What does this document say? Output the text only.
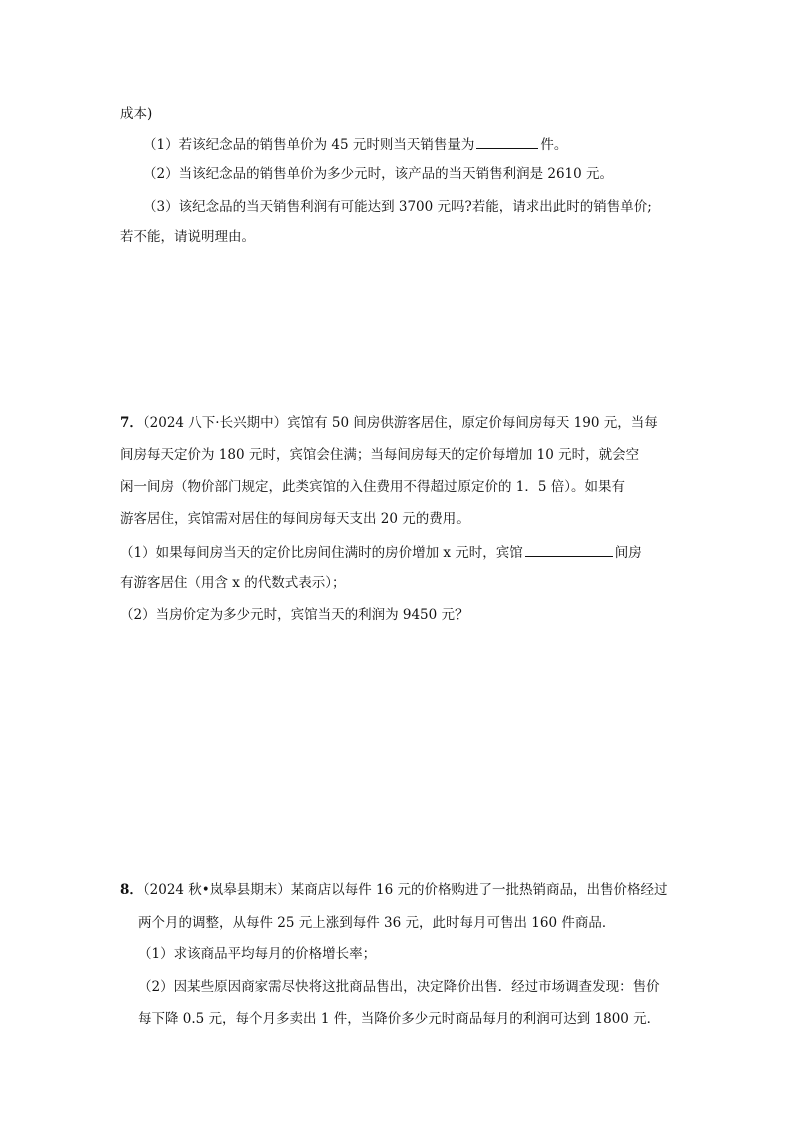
成本)
（1）若该纪念品的销售单价为 45 元时则当天销售量为	件。
（2）当该纪念品的销售单价为多少元时，该产品的当天销售利润是 2610 元。
（3）该纪念品的当天销售利润有可能达到 3700 元吗?若能，请求出此时的销售单价;
若不能，请说明理由。
7．（2024 八下·长兴期中）宾馆有 50 间房供游客居住，原定价每间房每天 190 元，当每
间房每天定价为 180 元时，宾馆会住满；当每间房每天的定价每增加 10 元时，就会空
闲一间房（物价部门规定，此类宾馆的入住费用不得超过原定价的 1．5 倍）。如果有
游客居住，宾馆需对居住的每间房每天支出 20 元的费用。
（1）如果每间房当天的定价比房间住满时的房价增加 x 元时，宾馆	间房
有游客居住（用含 x 的代数式表示）；
（2）当房价定为多少元时，宾馆当天的利润为 9450 元？
8．（2024 秋•岚皋县期末）某商店以每件 16 元的价格购进了一批热销商品，出售价格经过
两个月的调整，从每件 25 元上涨到每件 36 元，此时每月可售出 160 件商品．
（1）求该商品平均每月的价格增长率；
（2）因某些原因商家需尽快将这批商品售出，决定降价出售．经过市场调查发现：售价
每下降 0.5 元，每个月多卖出 1 件，当降价多少元时商品每月的利润可达到 1800 元．
